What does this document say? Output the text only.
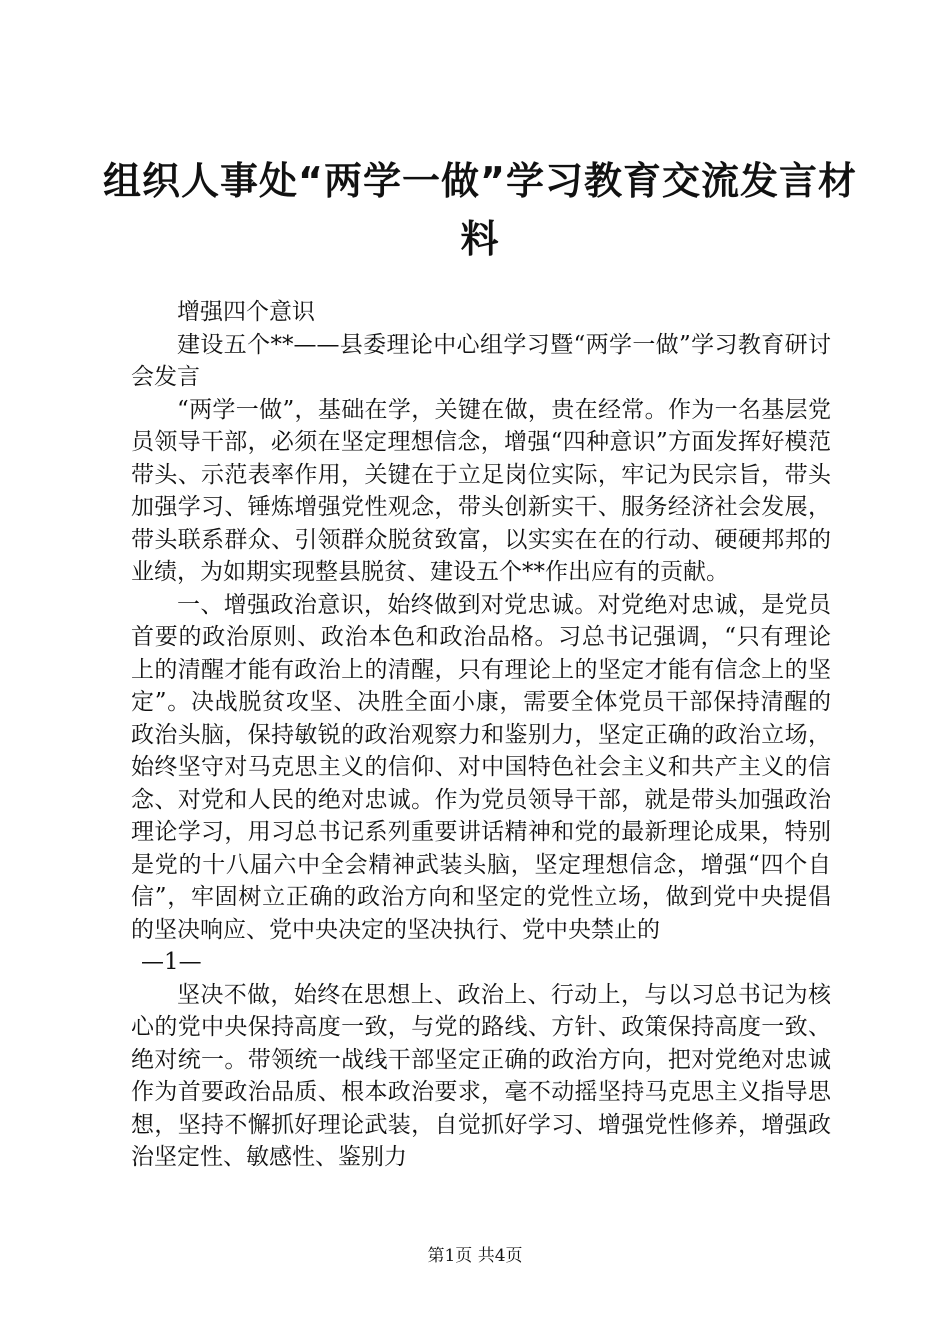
组织人事处“两学一做”学习教育交流发言材料

增强四个意识

建设五个**——县委理论中心组学习暨“两学一做”学习教育研讨会发言

“两学一做”，基础在学，关键在做，贵在经常。作为一名基层党员领导干部，必须在坚定理想信念，增强“四种意识”方面发挥好模范带头、示范表率作用，关键在于立足岗位实际，牢记为民宗旨，带头加强学习、锤炼增强党性观念，带头创新实干、服务经济社会发展，带头联系群众、引领群众脱贫致富，以实实在在的行动、硬硬邦邦的业绩，为如期实现整县脱贫、建设五个**作出应有的贡献。

一、增强政治意识，始终做到对党忠诚。对党绝对忠诚，是党员首要的政治原则、政治本色和政治品格。习总书记强调，“只有理论上的清醒才能有政治上的清醒，只有理论上的坚定才能有信念上的坚定”。决战脱贫攻坚、决胜全面小康，需要全体党员干部保持清醒的政治头脑，保持敏锐的政治观察力和鉴别力，坚定正确的政治立场，始终坚守对马克思主义的信仰、对中国特色社会主义和共产主义的信念、对党和人民的绝对忠诚。作为党员领导干部，就是带头加强政治理论学习，用习总书记系列重要讲话精神和党的最新理论成果，特别是党的十八届六中全会精神武装头脑，坚定理想信念，增强“四个自信”，牢固树立正确的政治方向和坚定的党性立场，做到党中央提倡的坚决响应、党中央决定的坚决执行、党中央禁止的

—1—

坚决不做，始终在思想上、政治上、行动上，与以习总书记为核心的党中央保持高度一致，与党的路线、方针、政策保持高度一致、绝对统一。带领统一战线干部坚定正确的政治方向，把对党绝对忠诚作为首要政治品质、根本政治要求，毫不动摇坚持马克思主义指导思想，坚持不懈抓好理论武装，自觉抓好学习、增强党性修养，增强政治坚定性、敏感性、鉴别力

第1页 共4页
